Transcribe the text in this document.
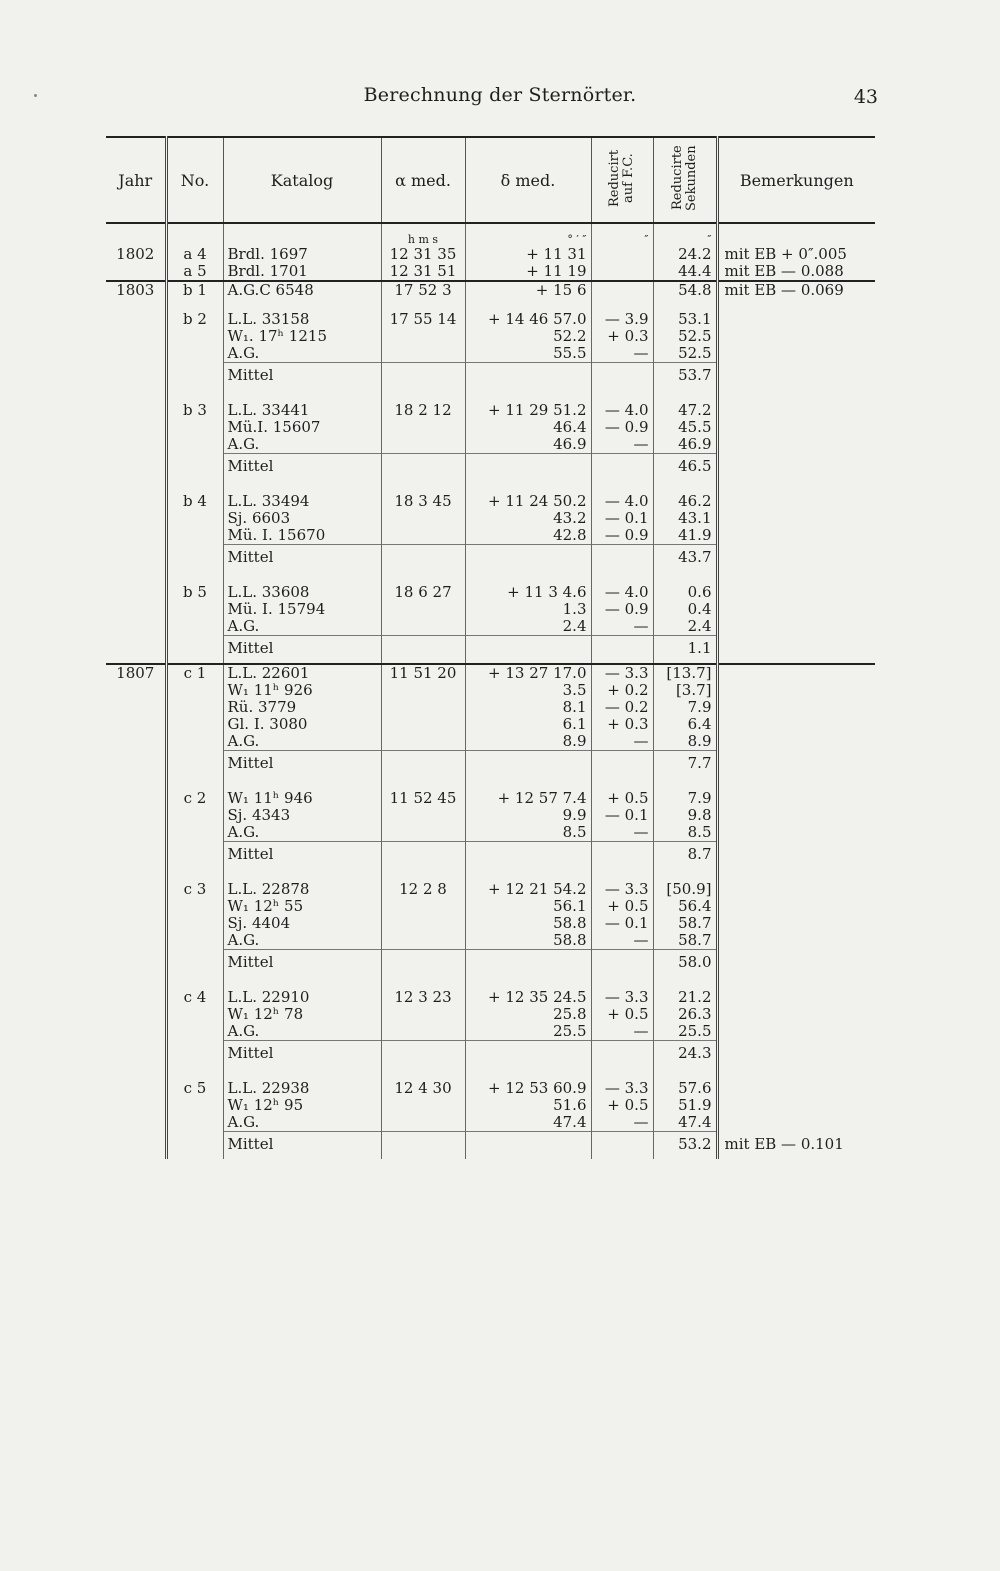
Berechnung der Sternörter.	43
Jahr	No.	Katalog	α med.	δ med.	Reducirt auf F.C.	Reducirte Sekunden	Bemerkungen
			h m s	° ′ ″	″	″	
1802	a 4	Brdl. 1697	12 31 35	+ 11 31		24.2	mit EB + 0″.005
	a 5	Brdl. 1701	12 31 51	+ 11 19		44.4	mit EB — 0.088
1803	b 1	A.G.C 6548	17 52 3	+ 15 6		54.8	mit EB — 0.069
	b 2	L.L. 33158	17 55 14	+ 14 46 57.0	— 3.9	53.1	
		W₁. 17ʰ 1215		52.2	+ 0.3	52.5	
		A.G.		55.5	—	52.5	
		Mittel				53.7	
	b 3	L.L. 33441	18 2 12	+ 11 29 51.2	— 4.0	47.2	
		Mü.I. 15607		46.4	— 0.9	45.5	
		A.G.		46.9	—	46.9	
		Mittel				46.5	
	b 4	L.L. 33494	18 3 45	+ 11 24 50.2	— 4.0	46.2	
		Sj. 6603		43.2	— 0.1	43.1	
		Mü. I. 15670		42.8	— 0.9	41.9	
		Mittel				43.7	
	b 5	L.L. 33608	18 6 27	+ 11 3 4.6	— 4.0	0.6	
		Mü. I. 15794		1.3	— 0.9	0.4	
		A.G.		2.4	—	2.4	
		Mittel				1.1	
1807	c 1	L.L. 22601	11 51 20	+ 13 27 17.0	— 3.3	[13.7]	
		W₁ 11ʰ 926		3.5	+ 0.2	[3.7]	
		Rü. 3779		8.1	— 0.2	7.9	
		Gl. I. 3080		6.1	+ 0.3	6.4	
		A.G.		8.9	—	8.9	
		Mittel				7.7	
	c 2	W₁ 11ʰ 946	11 52 45	+ 12 57 7.4	+ 0.5	7.9	
		Sj. 4343		9.9	— 0.1	9.8	
		A.G.		8.5	—	8.5	
		Mittel				8.7	
	c 3	L.L. 22878	12 2 8	+ 12 21 54.2	— 3.3	[50.9]	
		W₁ 12ʰ 55		56.1	+ 0.5	56.4	
		Sj. 4404		58.8	— 0.1	58.7	
		A.G.		58.8	—	58.7	
		Mittel				58.0	
	c 4	L.L. 22910	12 3 23	+ 12 35 24.5	— 3.3	21.2	
		W₁ 12ʰ 78		25.8	+ 0.5	26.3	
		A.G.		25.5	—	25.5	
		Mittel				24.3	
	c 5	L.L. 22938	12 4 30	+ 12 53 60.9	— 3.3	57.6	
		W₁ 12ʰ 95		51.6	+ 0.5	51.9	
		A.G.		47.4	—	47.4	
		Mittel				53.2	mit EB — 0.101
